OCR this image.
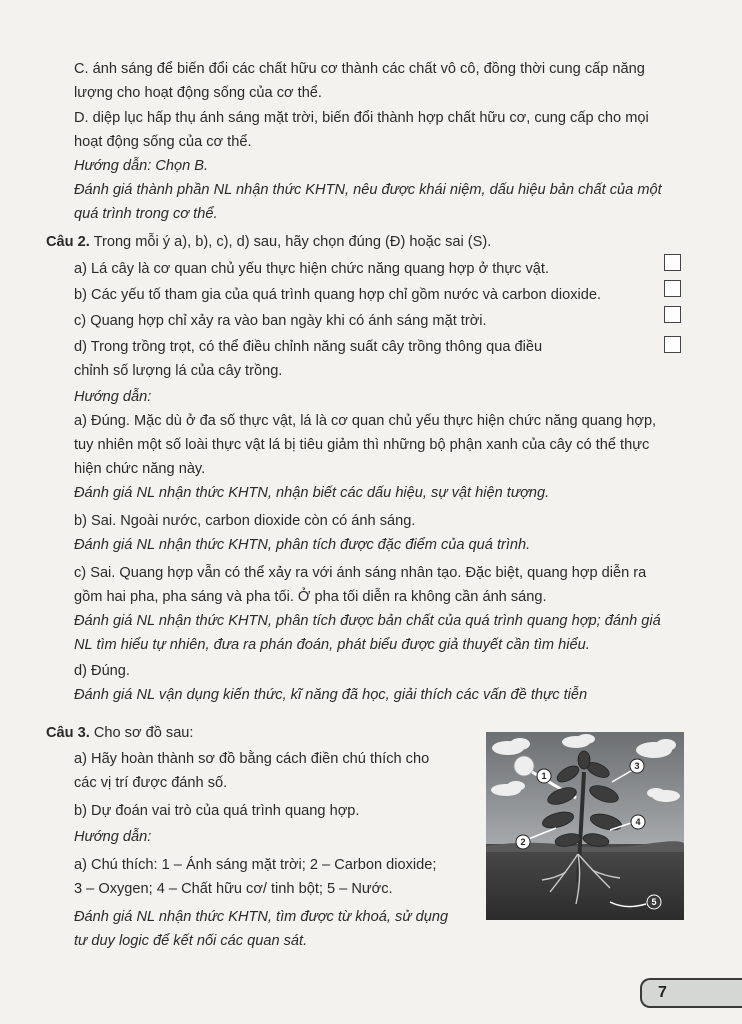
C. ánh sáng để biến đổi các chất hữu cơ thành các chất vô cô, đồng thời cung cấp năng
lượng cho hoạt động sống của cơ thể.
D. diệp lục hấp thụ ánh sáng mặt trời, biến đổi thành hợp chất hữu cơ, cung cấp cho mọi
hoạt động sống của cơ thể.
Hướng dẫn: Chọn B.
Đánh giá thành phần NL nhận thức KHTN, nêu được khái niệm, dấu hiệu bản chất của một
quá trình trong cơ thể.
Câu 2. Trong mỗi ý a), b), c), d) sau, hãy chọn đúng (Đ) hoặc sai (S).
a) Lá cây là cơ quan chủ yếu thực hiện chức năng quang hợp ở thực vật.
b) Các yếu tố tham gia của quá trình quang hợp chỉ gồm nước và carbon dioxide.
c) Quang hợp chỉ xảy ra vào ban ngày khi có ánh sáng mặt trời.
d) Trong trồng trọt, có thể điều chỉnh năng suất cây trồng thông qua điều
chỉnh số lượng lá của cây trồng.
Hướng dẫn:
a) Đúng. Mặc dù ở đa số thực vật, lá là cơ quan chủ yếu thực hiện chức năng quang hợp,
tuy nhiên một số loài thực vật lá bị tiêu giảm thì những bộ phận xanh của cây có thể thực
hiện chức năng này.
Đánh giá NL nhận thức KHTN, nhận biết các dấu hiệu, sự vật hiện tượng.
b) Sai. Ngoài nước, carbon dioxide còn có ánh sáng.
Đánh giá NL nhận thức KHTN, phân tích được đặc điểm của quá trình.
c) Sai. Quang hợp vẫn có thể xảy ra với ánh sáng nhân tạo. Đặc biệt, quang hợp diễn ra
gồm hai pha, pha sáng và pha tối. Ở pha tối diễn ra không cần ánh sáng.
Đánh giá NL nhận thức KHTN, phân tích được bản chất của quá trình quang hợp; đánh giá
NL tìm hiểu tự nhiên, đưa ra phán đoán, phát biểu được giả thuyết cần tìm hiểu.
d) Đúng.
Đánh giá NL vận dụng kiến thức, kĩ năng đã học, giải thích các vấn đề thực tiễn
Câu 3. Cho sơ đồ sau:
a) Hãy hoàn thành sơ đồ bằng cách điền chú thích cho
các vị trí được đánh số.
b) Dự đoán vai trò của quá trình quang hợp.
Hướng dẫn:
a) Chú thích: 1 – Ánh sáng mặt trời; 2 – Carbon dioxide;
3 – Oxygen; 4 – Chất hữu cơ/ tinh bột; 5 – Nước.
Đánh giá NL nhận thức KHTN, tìm được từ khoá, sử dụng
tư duy logic để kết nối các quan sát.
1
2
3
4
5
7
